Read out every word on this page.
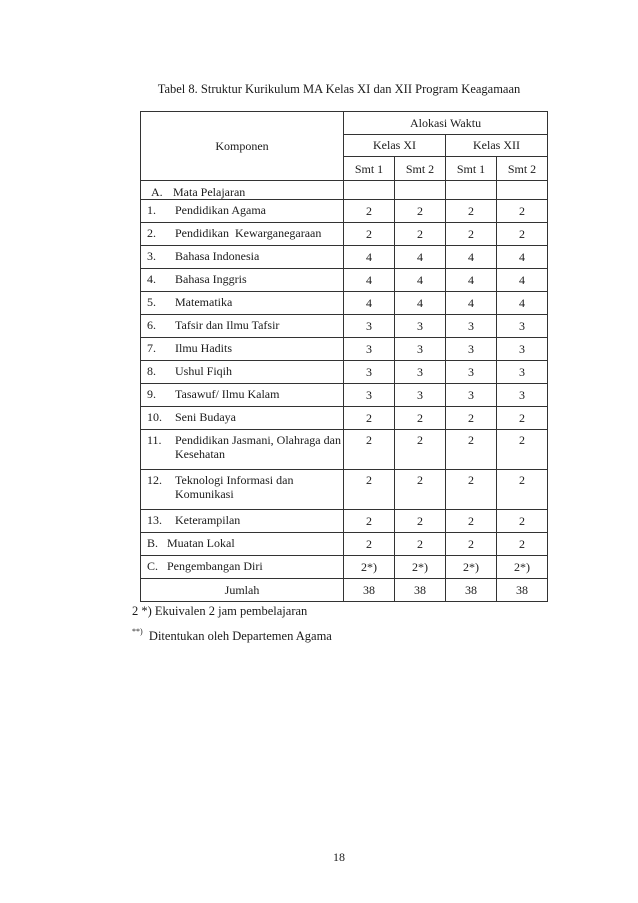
Tabel 8. Struktur Kurikulum MA Kelas XI dan XII Program Keagamaan
Komponen	Alokasi Waktu			
	Kelas XI		Kelas XII	
	Smt 1	Smt 2	Smt 1	Smt 2

A. Mata Pelajaran				

1. Pendidikan Agama	2	2	2	2

2. Pendidikan  Kewarganegaraan	2	2	2	2

3. Bahasa Indonesia	4	4	4	4

4. Bahasa Inggris	4	4	4	4

5. Matematika	4	4	4	4

6. Tafsir dan Ilmu Tafsir	3	3	3	3

7. Ilmu Hadits	3	3	3	3

8. Ushul Fiqih	3	3	3	3

9. Tasawuf/ Ilmu Kalam	3	3	3	3

10. Seni Budaya	2	2	2	2

11. Pendidikan Jasmani, Olahraga dan   Kesehatan	2	2	2	2

12. Teknologi Informasi dan Komunikasi	2	2	2	2

13. Keterampilan	2	2	2	2

B.   Muatan Lokal	2	2	2	2

C.   Pengembangan Diri	2*)	2*)	2*)	2*)
Jumlah	38	38	38	38
2 *) Ekuivalen 2 jam pembelajaran
**) Ditentukan oleh Departemen Agama
18
